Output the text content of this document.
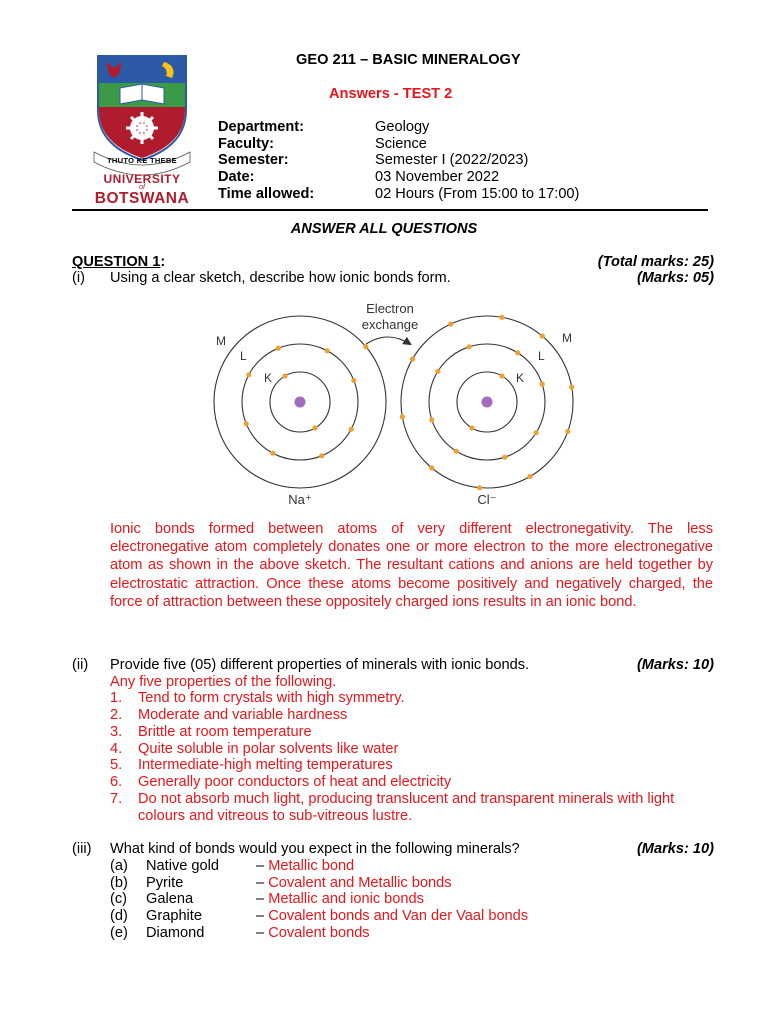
THUTO KE THEBE
UNIVERSITY
of
BOTSWANA
GEO 211 – BASIC MINERALOGY
Answers - TEST 2
Department:	Geology
Faculty:	Science
Semester:	Semester I (2022/2023)
Date:	03 November 2022
Time allowed:	02 Hours (From 15:00 to 17:00)
ANSWER ALL QUESTIONS
QUESTION 1:	(Total marks: 25)
(i) Using a clear sketch, describe how ionic bonds form.	(Marks: 05)
Electron
exchange
M
L
K
M
L
K
Na⁺	Cl⁻
Ionic bonds formed between atoms of very different electronegativity. The less electronegative atom completely donates one or more electron to the more electronegative atom as shown in the above sketch. The resultant cations and anions are held together by electrostatic attraction. Once these atoms become positively and negatively charged, the force of attraction between these oppositely charged ions results in an ionic bond.
(ii) Provide five (05) different properties of minerals with ionic bonds.	(Marks: 10)
Any five properties of the following.
1. Tend to form crystals with high symmetry.
2. Moderate and variable hardness
3. Brittle at room temperature
4. Quite soluble in polar solvents like water
5. Intermediate-high melting temperatures
6. Generally poor conductors of heat and electricity
7. Do not absorb much light, producing translucent and transparent minerals with light
colours and vitreous to sub-vitreous lustre.
(iii) What kind of bonds would you expect in the following minerals?	(Marks: 10)
(a) Native gold	– Metallic bond
(b) Pyrite	– Covalent and Metallic bonds
(c) Galena	– Metallic and ionic bonds
(d) Graphite	– Covalent bonds and Van der Vaal bonds
(e) Diamond	– Covalent bonds
